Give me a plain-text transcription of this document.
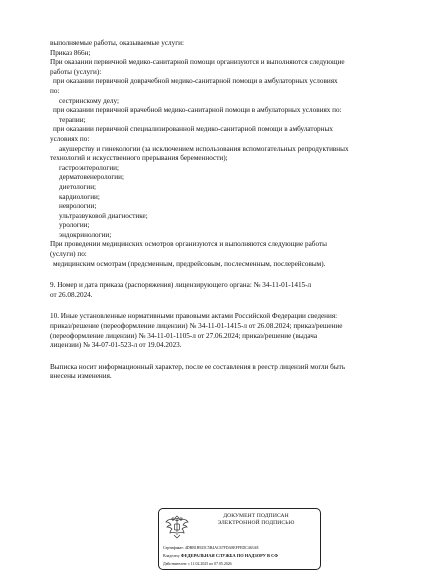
выполняемые работы, оказываемые услуги:
Приказ 866н;
При оказании первичной медико-санитарной помощи организуются и выполняются следующие
работы (услуги):
при оказании первичной доврачебной медико-санитарной помощи в амбулаторных условиях
по:
сестринскому делу;
при оказании первичной врачебной медико-санитарной помощи в амбулаторных условиях по:
терапии;
при оказании первичной специализированной медико-санитарной помощи в амбулаторных
условиях по:
акушерству и гинекологии (за исключением использования вспомогательных репродуктивных
технологий и искусственного прерывания беременности);
гастроэнтерологии;
дерматовенерологии;
диетологии;
кардиологии;
неврологии;
ультразвуковой диагностике;
урологии;
эндокринологии;
При проведении медицинских осмотров организуются и выполняются следующие работы
(услуги) по:
медицинским осмотрам (предсменным, предрейсовым, послесменным, послерейсовым).
9. Номер и дата приказа (распоряжения) лицензирующего органа: № 34-11-01-1415-л
от 26.08.2024.
10. Иные установленные нормативными правовыми актами Российской Федерации сведения:
приказ/решение (переоформление лицензии) № 34-11-01-1415-л от 26.08.2024; приказ/решение
(переоформление лицензии) № 34-11-01-1105-л от 27.06.2024; приказ/решение (выдача
лицензии) № 34-07-01-523-л от 19.04.2023.
Выписка носит информационный характер, после ее составления в реестр лицензий могли быть
внесены изменения.
ДОКУМЕНТ ПОДПИСАН
ЭЛЕКТРОННОЙ ПОДПИСЬЮ
Сертификат: 4DBB1B925C5B4AC67FDA8EFFEDC463AE
Владелец: ФЕДЕРАЛЬНАЯ СЛУЖБА ПО НАДЗОРУ В СФ
Действителен: с 11.02.2025 по 07.05.2026
